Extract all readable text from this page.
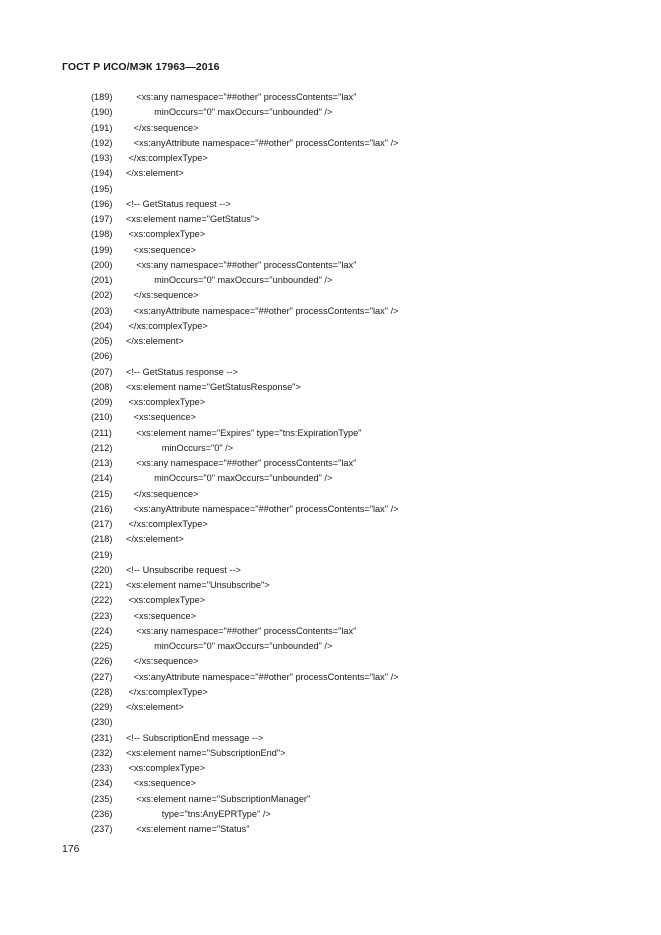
ГОСТ Р ИСО/МЭК 17963—2016
(189) <xs:any namespace="##other" processContents="lax"
(190) minOccurs="0" maxOccurs="unbounded" />
(191) </xs:sequence>
(192) <xs:anyAttribute namespace="##other" processContents="lax" />
(193) </xs:complexType>
(194) </xs:element>
(195)
(196) <!-- GetStatus request -->
(197) <xs:element name="GetStatus">
(198) <xs:complexType>
(199) <xs:sequence>
(200) <xs:any namespace="##other" processContents="lax"
(201) minOccurs="0" maxOccurs="unbounded" />
(202) </xs:sequence>
(203) <xs:anyAttribute namespace="##other" processContents="lax" />
(204) </xs:complexType>
(205) </xs:element>
(206)
(207) <!-- GetStatus response -->
(208) <xs:element name="GetStatusResponse">
(209) <xs:complexType>
(210) <xs:sequence>
(211) <xs:element name="Expires" type="tns:ExpirationType"
(212) minOccurs="0" />
(213) <xs:any namespace="##other" processContents="lax"
(214) minOccurs="0" maxOccurs="unbounded" />
(215) </xs:sequence>
(216) <xs:anyAttribute namespace="##other" processContents="lax" />
(217) </xs:complexType>
(218) </xs:element>
(219)
(220) <!-- Unsubscribe request -->
(221) <xs:element name="Unsubscribe">
(222) <xs:complexType>
(223) <xs:sequence>
(224) <xs:any namespace="##other" processContents="lax"
(225) minOccurs="0" maxOccurs="unbounded" />
(226) </xs:sequence>
(227) <xs:anyAttribute namespace="##other" processContents="lax" />
(228) </xs:complexType>
(229) </xs:element>
(230)
(231) <!-- SubscriptionEnd message -->
(232) <xs:element name="SubscriptionEnd">
(233) <xs:complexType>
(234) <xs:sequence>
(235) <xs:element name="SubscriptionManager"
(236) type="tns:AnyEPRType" />
(237) <xs:element name="Status"
176
